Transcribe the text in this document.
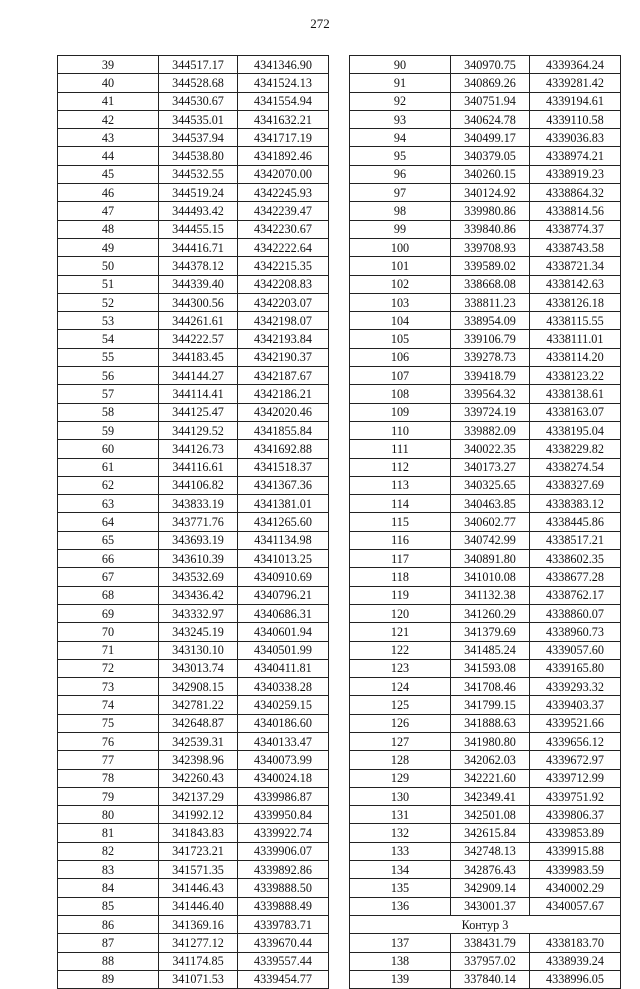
272
39	344517.17	4341346.90
40	344528.68	4341524.13
41	344530.67	4341554.94
42	344535.01	4341632.21
43	344537.94	4341717.19
44	344538.80	4341892.46
45	344532.55	4342070.00
46	344519.24	4342245.93
47	344493.42	4342239.47
48	344455.15	4342230.67
49	344416.71	4342222.64
50	344378.12	4342215.35
51	344339.40	4342208.83
52	344300.56	4342203.07
53	344261.61	4342198.07
54	344222.57	4342193.84
55	344183.45	4342190.37
56	344144.27	4342187.67
57	344114.41	4342186.21
58	344125.47	4342020.46
59	344129.52	4341855.84
60	344126.73	4341692.88
61	344116.61	4341518.37
62	344106.82	4341367.36
63	343833.19	4341381.01
64	343771.76	4341265.60
65	343693.19	4341134.98
66	343610.39	4341013.25
67	343532.69	4340910.69
68	343436.42	4340796.21
69	343332.97	4340686.31
70	343245.19	4340601.94
71	343130.10	4340501.99
72	343013.74	4340411.81
73	342908.15	4340338.28
74	342781.22	4340259.15
75	342648.87	4340186.60
76	342539.31	4340133.47
77	342398.96	4340073.99
78	342260.43	4340024.18
79	342137.29	4339986.87
80	341992.12	4339950.84
81	341843.83	4339922.74
82	341723.21	4339906.07
83	341571.35	4339892.86
84	341446.43	4339888.50
85	341446.40	4339888.49
86	341369.16	4339783.71
87	341277.12	4339670.44
88	341174.85	4339557.44
89	341071.53	4339454.77
90	340970.75	4339364.24
91	340869.26	4339281.42
92	340751.94	4339194.61
93	340624.78	4339110.58
94	340499.17	4339036.83
95	340379.05	4338974.21
96	340260.15	4338919.23
97	340124.92	4338864.32
98	339980.86	4338814.56
99	339840.86	4338774.37
100	339708.93	4338743.58
101	339589.02	4338721.34
102	338668.08	4338142.63
103	338811.23	4338126.18
104	338954.09	4338115.55
105	339106.79	4338111.01
106	339278.73	4338114.20
107	339418.79	4338123.22
108	339564.32	4338138.61
109	339724.19	4338163.07
110	339882.09	4338195.04
111	340022.35	4338229.82
112	340173.27	4338274.54
113	340325.65	4338327.69
114	340463.85	4338383.12
115	340602.77	4338445.86
116	340742.99	4338517.21
117	340891.80	4338602.35
118	341010.08	4338677.28
119	341132.38	4338762.17
120	341260.29	4338860.07
121	341379.69	4338960.73
122	341485.24	4339057.60
123	341593.08	4339165.80
124	341708.46	4339293.32
125	341799.15	4339403.37
126	341888.63	4339521.66
127	341980.80	4339656.12
128	342062.03	4339672.97
129	342221.60	4339712.99
130	342349.41	4339751.92
131	342501.08	4339806.37
132	342615.84	4339853.89
133	342748.13	4339915.88
134	342876.43	4339983.59
135	342909.14	4340002.29
136	343001.37	4340057.67
Контур 3		
137	338431.79	4338183.70
138	337957.02	4338939.24
139	337840.14	4338996.05
